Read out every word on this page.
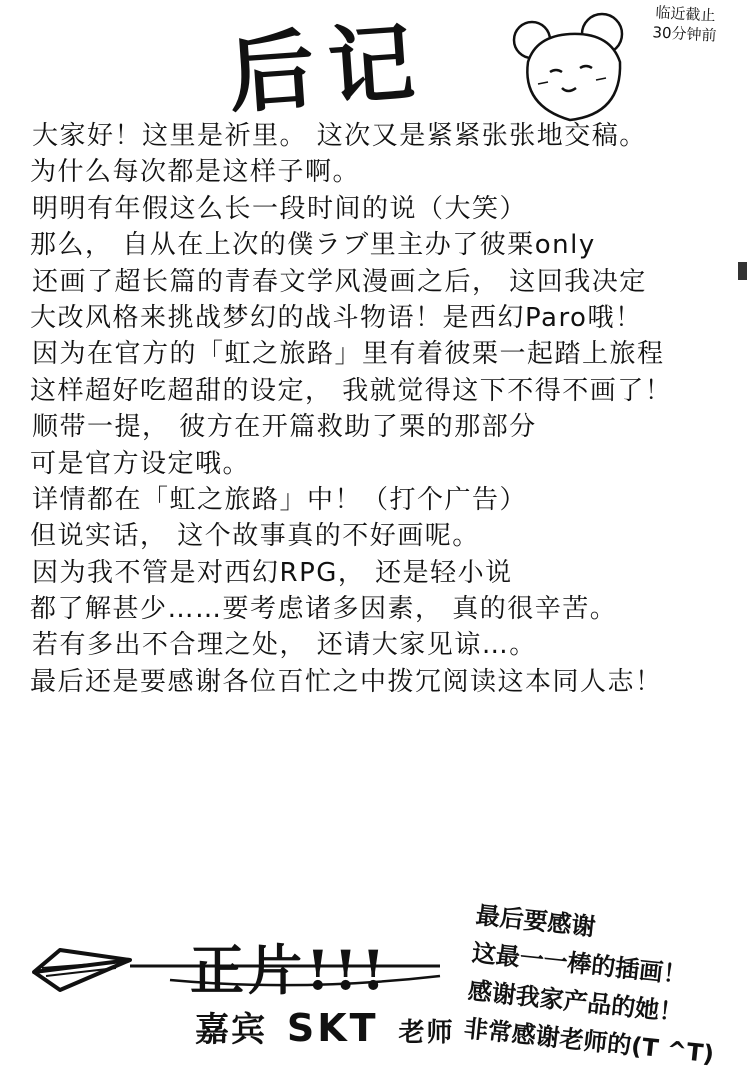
后记	临近截止
30分钟前
大家好！这里是祈里。 这次又是紧紧张张地交稿。
为什么每次都是这样子啊。
明明有年假这么长一段时间的说（大笑）
那么， 自从在上次的僕ラブ里主办了彼栗only
还画了超长篇的青春文学风漫画之后， 这回我决定
大改风格来挑战梦幻的战斗物语！是西幻Paro哦！
因为在官方的「虹之旅路」里有着彼栗一起踏上旅程
这样超好吃超甜的设定， 我就觉得这下不得不画了！
顺带一提， 彼方在开篇救助了栗的那部分
可是官方设定哦。
详情都在「虹之旅路」中！（打个广告）
但说实话， 这个故事真的不好画呢。
因为我不管是对西幻RPG， 还是轻小说
都了解甚少……要考虑诸多因素， 真的很辛苦。
若有多出不合理之处， 还请大家见谅…。
最后还是要感谢各位百忙之中拨冗阅读这本同人志！
正片!!!
嘉宾 SKT 老师
最后要感谢
这最一一棒的插画！
感谢我家产品的她！
非常感谢老师的(T ^T)
